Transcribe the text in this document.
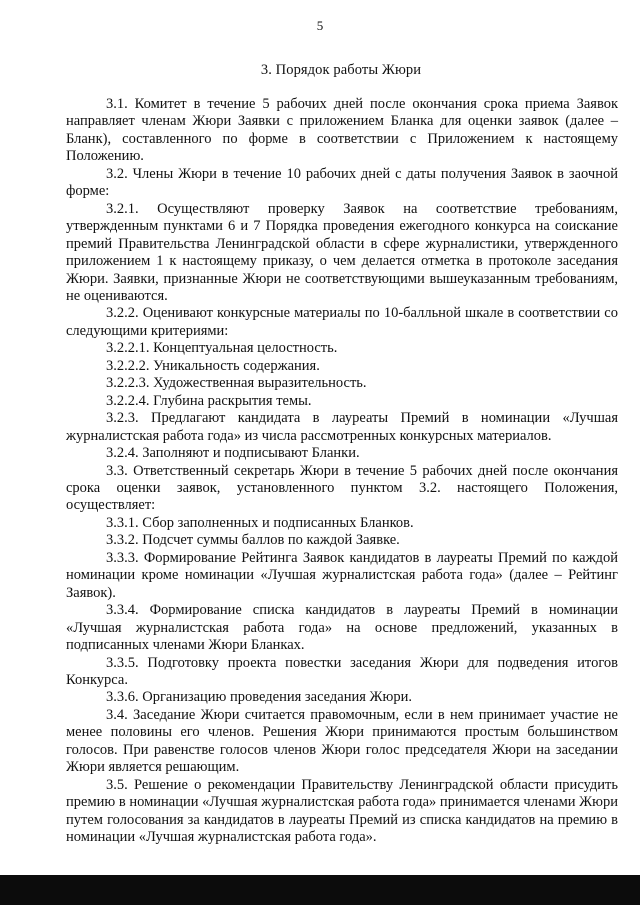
5
3. Порядок работы Жюри

3.1. Комитет в течение 5 рабочих дней после окончания срока приема Заявок направляет членам Жюри Заявки с приложением Бланка для оценки заявок (далее – Бланк), составленного по форме в соответствии с Приложением к настоящему Положению.

3.2. Члены Жюри в течение 10 рабочих дней с даты получения Заявок в заочной форме:

3.2.1. Осуществляют проверку Заявок на соответствие требованиям, утвержденным пунктами 6 и 7 Порядка проведения ежегодного конкурса на соискание премий Правительства Ленинградской области в сфере журналистики, утвержденного приложением 1 к настоящему приказу, о чем делается отметка в протоколе заседания Жюри. Заявки, признанные Жюри не соответствующими вышеуказанным требованиям, не оцениваются.

3.2.2. Оценивают конкурсные материалы по 10-балльной шкале в соответствии со следующими критериями:

3.2.2.1. Концептуальная целостность.

3.2.2.2. Уникальность содержания.

3.2.2.3. Художественная выразительность.

3.2.2.4. Глубина раскрытия темы.

3.2.3. Предлагают кандидата в лауреаты Премий в номинации «Лучшая журналистская работа года» из числа рассмотренных конкурсных материалов.

3.2.4. Заполняют и подписывают Бланки.

3.3. Ответственный секретарь Жюри в течение 5 рабочих дней после окончания срока оценки заявок, установленного пунктом 3.2. настоящего Положения, осуществляет:

3.3.1. Сбор заполненных и подписанных Бланков.

3.3.2. Подсчет суммы баллов по каждой Заявке.

3.3.3. Формирование Рейтинга Заявок кандидатов в лауреаты Премий по каждой номинации кроме номинации «Лучшая журналистская работа года» (далее – Рейтинг Заявок).

3.3.4. Формирование списка кандидатов в лауреаты Премий в номинации «Лучшая журналистская работа года» на основе предложений, указанных в подписанных членами Жюри Бланках.

3.3.5. Подготовку проекта повестки заседания Жюри для подведения итогов Конкурса.

3.3.6. Организацию проведения заседания Жюри.

3.4. Заседание Жюри считается правомочным, если в нем принимает участие не менее половины его членов. Решения Жюри принимаются простым большинством голосов. При равенстве голосов членов Жюри голос председателя Жюри на заседании Жюри является решающим.

3.5. Решение о рекомендации Правительству Ленинградской области присудить премию в номинации «Лучшая журналистская работа года» принимается членами Жюри путем голосования за кандидатов в лауреаты Премий из списка кандидатов на премию в номинации «Лучшая журналистская работа года».
